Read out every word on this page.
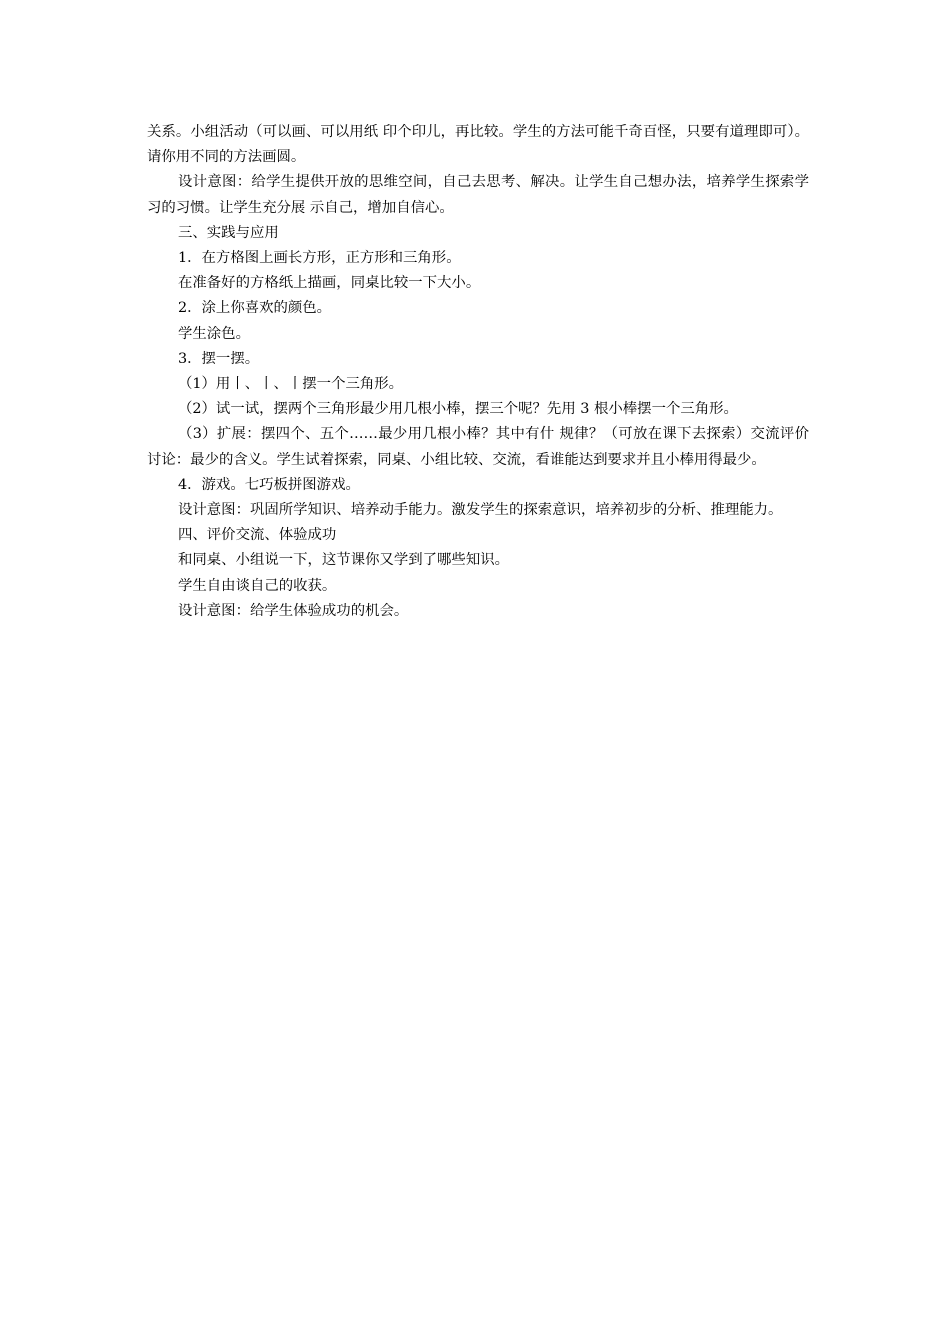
关系。小组活动（可以画、可以用纸 印个印儿，再比较。学生的方法可能千奇百怪，只要有道理即可）。请你用不同的方法画圆。

设计意图：给学生提供开放的思维空间，自己去思考、解决。让学生自己想办法，培养学生探索学习的习惯。让学生充分展 示自己，增加自信心。

三、实践与应用

1．在方格图上画长方形，正方形和三角形。

在准备好的方格纸上描画，同桌比较一下大小。

2．涂上你喜欢的颜色。

学生涂色。

3．摆一摆。

（1）用丨、丨、丨摆一个三角形。

（2）试一试，摆两个三角形最少用几根小棒，摆三个呢？先用 3 根小棒摆一个三角形。

（3）扩展：摆四个、五个……最少用几根小棒？其中有什 规律？（可放在课下去探索）交流评价讨论：最少的含义。学生试着探索，同桌、小组比较、交流，看谁能达到要求并且小棒用得最少。

4．游戏。七巧板拼图游戏。

设计意图：巩固所学知识、培养动手能力。激发学生的探索意识，培养初步的分析、推理能力。

四、评价交流、体验成功

和同桌、小组说一下，这节课你又学到了哪些知识。

学生自由谈自己的收获。

设计意图：给学生体验成功的机会。
